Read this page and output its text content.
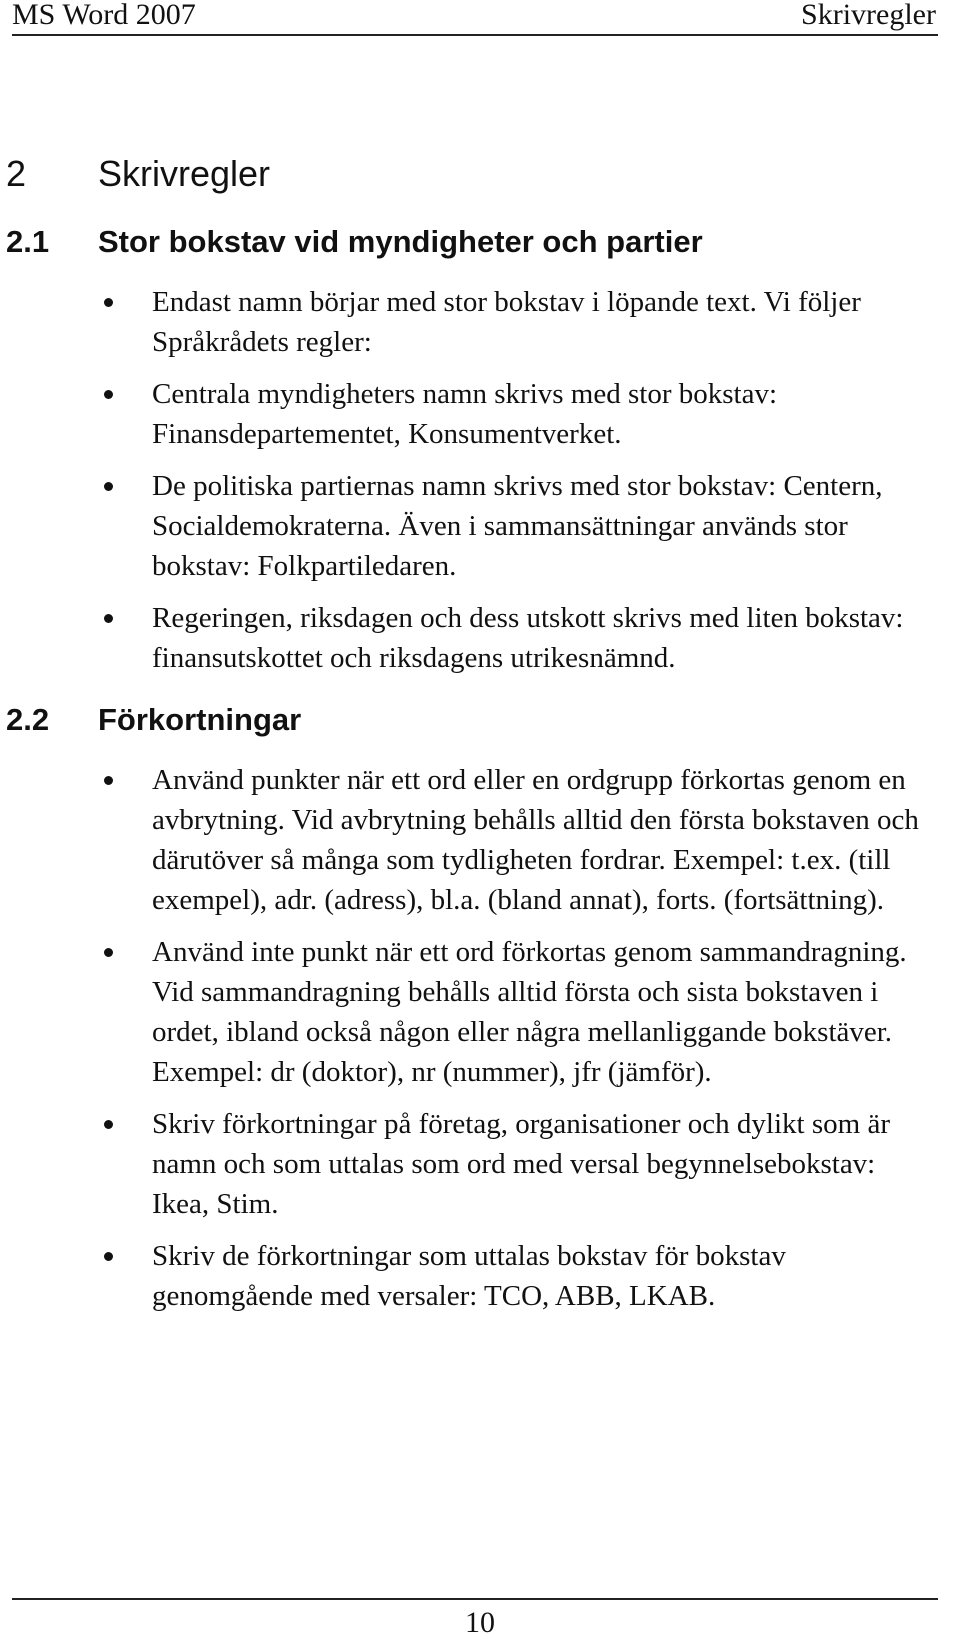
MS Word 2007	Skrivregler
2 Skrivregler
2.1 Stor bokstav vid myndigheter och partier
Endast namn börjar med stor bokstav i löpande text. Vi följer Språkrådets regler:
Centrala myndigheters namn skrivs med stor bokstav: Finansdepartementet, Konsumentverket.
De politiska partiernas namn skrivs med stor bokstav: Centern, Socialdemokraterna. Även i sammansättningar används stor bokstav: Folkpartiledaren.
Regeringen, riksdagen och dess utskott skrivs med liten bokstav: finansutskottet och riksdagens utrikesnämnd.
2.2 Förkortningar
Använd punkter när ett ord eller en ordgrupp förkortas genom en avbrytning. Vid avbrytning behålls alltid den första bokstaven och därutöver så många som tydligheten fordrar. Exempel: t.ex. (till exempel), adr. (adress), bl.a. (bland annat), forts. (fortsättning).
Använd inte punkt när ett ord förkortas genom sammandragning. Vid sammandragning behålls alltid första och sista bokstaven i ordet, ibland också någon eller några mellanliggande bokstäver. Exempel: dr (doktor), nr (nummer), jfr (jämför).
Skriv förkortningar på företag, organisationer och dylikt som är namn och som uttalas som ord med versal begynnelsebokstav: Ikea, Stim.
Skriv de förkortningar som uttalas bokstav för bokstav genomgående med versaler: TCO, ABB, LKAB.
10
